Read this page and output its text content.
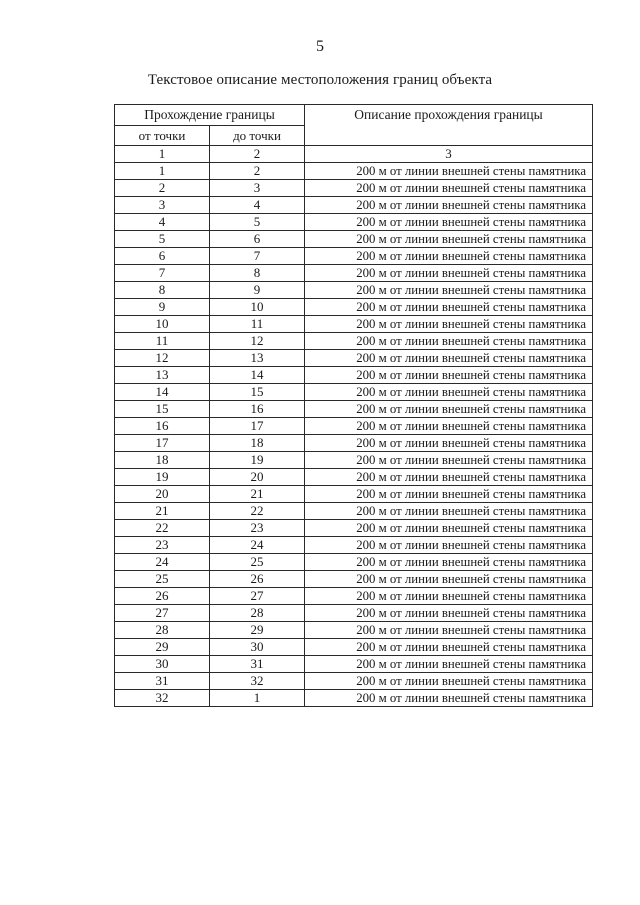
5
Текстовое описание местоположения границ объекта
Прохождение границы		Описание прохождения границы
от точки	до точки	
1	2	3
1	2	200 м от линии внешней стены памятника
2	3	200 м от линии внешней стены памятника
3	4	200 м от линии внешней стены памятника
4	5	200 м от линии внешней стены памятника
5	6	200 м от линии внешней стены памятника
6	7	200 м от линии внешней стены памятника
7	8	200 м от линии внешней стены памятника
8	9	200 м от линии внешней стены памятника
9	10	200 м от линии внешней стены памятника
10	11	200 м от линии внешней стены памятника
11	12	200 м от линии внешней стены памятника
12	13	200 м от линии внешней стены памятника
13	14	200 м от линии внешней стены памятника
14	15	200 м от линии внешней стены памятника
15	16	200 м от линии внешней стены памятника
16	17	200 м от линии внешней стены памятника
17	18	200 м от линии внешней стены памятника
18	19	200 м от линии внешней стены памятника
19	20	200 м от линии внешней стены памятника
20	21	200 м от линии внешней стены памятника
21	22	200 м от линии внешней стены памятника
22	23	200 м от линии внешней стены памятника
23	24	200 м от линии внешней стены памятника
24	25	200 м от линии внешней стены памятника
25	26	200 м от линии внешней стены памятника
26	27	200 м от линии внешней стены памятника
27	28	200 м от линии внешней стены памятника
28	29	200 м от линии внешней стены памятника
29	30	200 м от линии внешней стены памятника
30	31	200 м от линии внешней стены памятника
31	32	200 м от линии внешней стены памятника
32	1	200 м от линии внешней стены памятника
